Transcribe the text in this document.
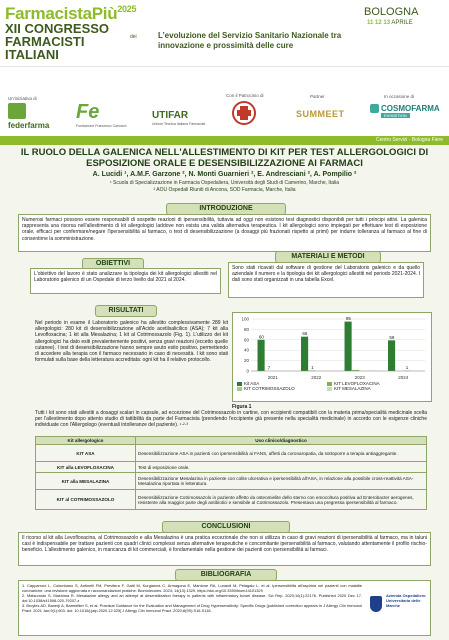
FarmacistaPiù$^{2025}$
XII CONGRESSO
FARMACISTI
ITALIANI
dei	L’evoluzione del Servizio Sanitario Nazionale tra innovazione e prossimità delle cure
BOLOGNA
11 12 13 APRILE
Un'iniziativa di
federfarma
Fe
Fondazione Francesco Cannavò
UTIFAR
Unione Tecnica Italiana Farmacisti
Con il Patrocinio di	Partner
SUMMEET
In occasione di
COSMOFARMA
EXHIBITION
Centro Servizi - Bologna Fiere
IL RUOLO DELLA GALENICA NELL'ALLESTIMENTO DI KIT PER TEST ALLERGOLOGICI DI ESPOSIZIONE ORALE E DESENSIBILIZZAZIONE AI FARMACI
A. Lucidi ¹, A.M.F. Garzone ², N. Monti Guarnieri ², E. Andresciani ², A. Pompilio ²
¹ Scuola di Specializzazione in Farmacia Ospedaliera, Università degli Studi di Camerino, Marche, Italia
² AOU Ospedali Riuniti di Ancona, SOD Farmacia, Marche, Italia
INTRODUZIONE
Numerosi farmaci possono essere responsabili di sospette reazioni di ipersensibilità, tuttavia ad oggi non esistono test diagnostici disponibili per tutti i principi attivi. La galenica rappresenta una risorsa nell'allestimento di kit allergologici laddove non esista una valida alternativa terapeutica. I kit allergologici sono impiegati per effettuare test di esposizione orale, efficaci per confermare/negare l'ipersensibilità al farmaco, o test di desensibilizzazione (a dosaggi più frazionati rispetto ai primi) per indurre tolleranza al farmaco al fine di consentirne la somministrazione.
OBIETTIVI
L'obiettivo del lavoro è stato analizzare la tipologia dei kit allergologici allestiti nel Laboratorio galenico di un Ospedale di terzo livello dal 2021 al 2024.
MATERIALI E METODI
Sono stati ricavati dal software di gestione del Laboratorio galenico e da quello aziendale il numero e la tipologia dei kit allergologici allestiti nel periodo 2021-2024. I dati sono stati organizzati in una tabella Excel.
RISULTATI
Nel periodo in esame il Laboratorio galenico ha allestito complessivamente 289 kit allergologici: 280 kit di desensibilizzazione all'Acido acetilsalicilico (ASA); 7 kit alla Levofloxacina; 1 kit alla Mesalazina; 1 kit al Cotrimossazolo (Fig. 1). L'utilizzo dei kit allergologici ha dato esiti prevalentemente positivi, senza gravi reazioni (eccetto quelle cutanee). I test di desensibilizzazione hanno sempre avuto esito positivo, permettendo di accedere alla terapia con il farmaco necessario in caso di necessità. I kit sono stati formulati sulla base della letteratura accreditata: ogni kit ha il relativo protocollo.
0
20
40
60
80
100
2021	2022	2023	2024
60
7
66
1
95
59
1
Kit ASA	KIT LEVOFLOXACINA
KIT COTRIMOSSAZOLO	KIT MESALAZINA
Figura 1
Tutti i kit sono stati allestiti a dosaggi scalari in capsule, ad eccezione del Cotrimossazolo in cartine, con eccipienti compatibili con la materia prima/specialità medicinale scelta per l'allestimento dopo attento studio di tattibilità da parte del Farmacista (prendendo l'eccipiente già presente nella specialità medicinale) in accordo con le esigenze cliniche individuate con l'Allergologo (eventuali intolleranze del paziente). ¹·²·³
Kit allergologico	Uso clinico/diagnostico
KIT ASA	Desensibilizzazione ASA in pazienti con ipersensibilità ai FANS, affetti da coronaropatia, da sottoporre a terapia antiaggregante.
KIT alla LEVOFLOXACINA	Test di esposizione orale.
KIT alla MESALAZINA	Desensibilizzazione Mesalazina in paziente con colite ulcerativa e ipersensibilità all'ASA, in relazione alla possibile cross-reattività ASA-Mesalazina riportata in letteratura.
KIT al COTRIMOSSAZOLO	Desensibilizzazione Cotrimossazolo in paziente affetto da osteomielite dello sterno con emocoltura positiva ad Enterobacter aerogenes, resistente alla maggior parte degli antibiotici e sensibile al Cotrimossazolo. Presentava una pregressa ipersensibilità al farmaco.
CONCLUSIONI
Il ricorso al kit alla Levofloxacina, al Cotrimossazolo e alla Mesalazina è una pratica eccezionale che non si utilizza in caso di gravi reazioni di ipersensibilità al farmaco, ma in taluni casi è indispensabile per trattare pazienti con quadri clinici complessi senza alternative terapeutiche e concomitante ipersensibilità al farmaco, valutando attentamente il profilo rischio-beneficio. L'allestimento galenico, in mancanza di kit commerciali, è fondamentale nella gestione dei pazienti con ipersensibilità ai farmaci.
BIBLIOGRAFIA
1. Capparroni L, Colombano S, Antinelli FM, Previtera F, Gatti M, Kurgianna C, Armagona E, Mantone RA, Lunardi M, Pelagalo L, et al. Ipersensibilità all'aspirina nei pazienti con malattie coronariche: una revisione aggiornata e raccomandazioni pratiche. Biomolecules. 2024; 14(10):1329. https://doi.org/10.3390/biom14101329
2. Matsumoto S, Mashima R. Mesalazine allergy and an attempt at desensitization therapy in patients with inflammatory bowel disease. Sci Rep. 2020;10(1):22176. Published 2020 Dec 17. doi:10.1038/s41598-020-79207-z
3. Broyles AD, Banerji A, Barmettler S, et al. Practical Guidance for the Evaluation and Management of Drug Hypersensitivity: Specific Drugs [published correction appears in J Allergy Clin Immunol Pract. 2021 Jan;9(1):603. doi: 10.1016/j.jaip.2020.12.025] J Allergy Clin Immunol Pract. 2020;8(9S):S16-S116.
Azienda Ospedaliero Universitaria delle Marche
